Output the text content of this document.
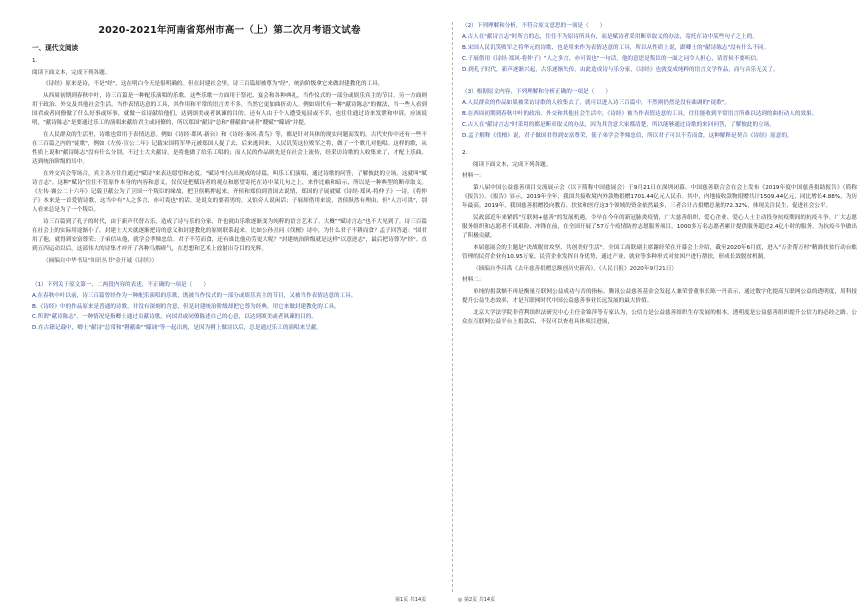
2020-2021年河南省郑州市高一（上）第二次月考语文试卷
一、现代文阅读

1.

阅读下面文本，完成下列各题。

《诗经》原来是诗，不是"经"，这在明白今天是很明确的。但在封建社会里，诗三百篇却被尊为"经"，统治阶级拿它来做封建教化的工具。

从西周初期到春秋中叶，诗三百篇是一种配乐演唱的乐歌。这些乐歌一方面用于祭祀、宴会和各种典礼，当作仪式的一部分或娱乐宾主的节目。另一方面则用于政治、外交及其他社会生活，当作表情达意的工具，其作用和平常的语言差不多，当然它更加曲折动人。例如周代有一种"献诗陈志"的做法，当一些人看到国君或者同僚做了什么好事或坏事，就做一首诗献给他们，达到颂美或者讽谏的目的。还有人由于个人遭受冤屈或不幸，也往往通过诗来发泄和申诉。应该说明，"献诗陈志"是要通过乐工的演唱来献给君主或同僚的，所以郑国"献诗"总和"瞽献曲"或者"瞍赋""矇诵"并提。

在人民群众的生活里，诗歌也常用于表情达意。例如《诗经·邶风·新台》和《诗经·秦风·黄鸟》等，都是针对具体的现实问题而发的。古代史传中还有一些不在三百篇之内的"徒歌"，例如《左传·宣公二年》记载宋国将军华元被郑国人捉了去，后来逃回来，人民讥笑这位败军之将，做了一个歌儿对他唱。这样的歌，从性质上说和"献诗陈志"没有什么分别。不过士大夫献诗，是将他做了给乐工唱的；而人民的作品则先是在社会上流传，经采访诗歌的人收集来了，才配上乐曲，达到统治阶级的耳中。

在外交宾会等场合，宾主各方往往通过"赋诗"来表达愿望和态度。"赋诗"时点出现成的诗篇，叫乐工们演唱，通过诗歌的问答，了解彼此的立场。这就叫"赋诗言志"。这种"赋诗"往往不管原作本身的内容和意义，仅仅是把赋诗者的观点和愿望寄托在诗中某几句之上，来作比喻和暗示，所以是一种典型的断章取义。《左传·襄公二十六年》记载卫献公为了卫国一个叛臣的缘故，把卫侯羁押起来，齐侯和郑伯到晋国去说情，郑国的子展就赋《诗经·郑风·将仲子》一诗。《将仲子》本来是一首爱情诗歌，这当中有"人之多言，亦可畏也"的话，是说女的要着男的，又怕旁人说闲话；子展却借用来说，晋侯纵然有理由，但"人言可畏"，别人看来总是为了一个叛臣。

诗三百篇到了孔子的时代，由于新声代替古乐，造成了诗与乐的分家，许也就由乐歌逐渐变为纯粹的语言艺术了。大概""赋诗言志"也不大见到了。诗三百篇在社会上的实际用途渐小了。封建士大夫就逐渐把诗的意义和封建教化的原则联系起来。比如公孙丑问《伐檀》诗中，为什么君子不耕而食？孟子回答道："国君用了他，就得到安富尊荣；子弟信从他，就学会孝悌忠信。君子不劳而食，还有谁比他功劳更大呢？"封建统治阶级就是这样"以意逆志"，最后把诗尊为"经"。直到五四运动以后，这部伟大的诗集才冲开了各种乌烟瘴气，在思想和艺术上放射出夺目的光辉。

（摘编自中华书局"知识丛书"金开诚《诗经》）

（1）下列关于原文第一、二两段内容的表述，不正确的一项是（　　）

A.在春秋中叶以前，诗三百篇曾经作为一种配乐演唱的乐歌，既被当作仪式的一部分或娱乐宾主的节目，又被当作表情达意的工具。

B.《诗经》中的作品原来是普通的诗歌，并没有深刻的含意，但是封建统治阶级却把它尊为经典，用它来做封建教化的工具。

C.所谓"献诗陈志"，一种情况是指卿士通过贡献诗歌，向国君或同僚陈述自己的心意，以达到颂美或者讽谏的目的。

D.在古籍记载中，卿士"献诗"总常和"瞽献曲""矇诵"等一起出现，是因为瞽上做诗以后，总是通过乐工的演唱来呈献。

（2）下列理解和分析，不符合原文意思的一项是（　　）

A.古人在"献诗言志"时所言的志，往往不为原诗所具有，而是赋诗者采用断章取义的办法，寄托在诗中某些句子之上的。

B.宋国人民讥笑败军之将华元的诗歌，也是用来作为表情达意的工具，所以从性质上说，跟卿士的"献诗陈志"没有什么不同。

C.子展借用《诗经·郑风·将仲子》"人之多言，亦可畏也"一句话，他的意思是叛臣的一面之词令人担心，请晋侯不要听信。

D.到孔子时代，新声逐渐兴起，古乐逐渐失传，由此造成诗与乐分家，《诗经》也就变成纯粹的语言文学作品，而与音乐无关了。

（3）根据原文内容，下列理解和分析正确的一项是（　　）

A.人民群众的作品如果被采访诗歌的人收集去了，就可以进入诗三百篇中，不然则仍然是没有曲调的"徒歌"。

B.在西周初期到春秋中叶的政治、外交和其他社会生活中，《诗经》被当作表情达意的工具，往往能收到平常语言所难以达到的曲折动人的效果。

C.古人在"献诗言志"时采用的都是断章取义的办法，因为其含意大家都清楚，所以能够通过诗歌的来回问答，了解彼此的立场。

D.孟子解释《伐檀》说，君子做国君得到安富尊荣，使子弟学会孝悌忠信，所以君子可以不劳而食，这种解释是契合《诗经》原意的。

2.

阅读下面文本，完成下列各题。

材料一：

第八届中国公益慈善项目交流展示会（以下简称中国慈展会）于9月21日在深圳闭幕。中国慈善联合会在会上发布《2019年度中国慈善捐助报告》（简称《报告》）。《报告》显示，2019年全年，我国共接收境内外款物捐赠1701.44亿元人民币。其中，内地接收款物捐赠共计1509.44亿元，同比增长4.88%，为历年最高。2019年，我国慈善捐赠投向教育、扶贫和医疗这3个领域的资金依然最多，三者合计占捐赠总量的72.32%，体现关注民生、促进社会公平。

民政部近年来紧抓"互联网+慈善"的发展机遇，令早在今年的新冠肺炎疫情，广大慈善组织、爱心企业、爱心人士主动投身抗疫期间的抗疫斗争。广大志愿服务组织和志愿者不畏艰险、冲锋在前，在全国开展了57万个疫情防控志愿服务项目，1000多万名志愿者累计提供服务超过2.4亿小时的服务，为抗疫斗争做出了积极贡献。

本届慈展会的主题是"决战脱贫攻坚，共创美好生活"。全国工商联副主席谢经荣在开幕会上介绍，截至2020年6月底，进入"万企帮万村"精准扶贫行动台账管理的民营企业有10.95万家，民营企业发挥自身优势，通过产业、就业等多种形式对贫困户进行帮扶，形成长效脱贫机制。

（摘编自李昌禹《去年慈善捐赠总额创历史新高》，《人民日报》2020年9月21日）

材料二：

单纯的捐款额不再是衡量互联网公益成功与否的指标。腾讯公益慈善基金会发起人兼荣誉董事长陈一丹表示，通过数字化提高互联网公益的透明度，用科技提升公益生态效率，才是互联网时代中国公益慈善事业长远发展的最大价值。

北京大学法学院非营利组织法研究中心主任金锦萍等专家认为，公信力是公益慈善组织生存发展的根本，透明度是公益慈善组织提升公信力的必经之路。公众在互联网公益平台上捐款后，不仅可以查看具体项目进展，

第1页 共14页	◎ 第2页 共14页
